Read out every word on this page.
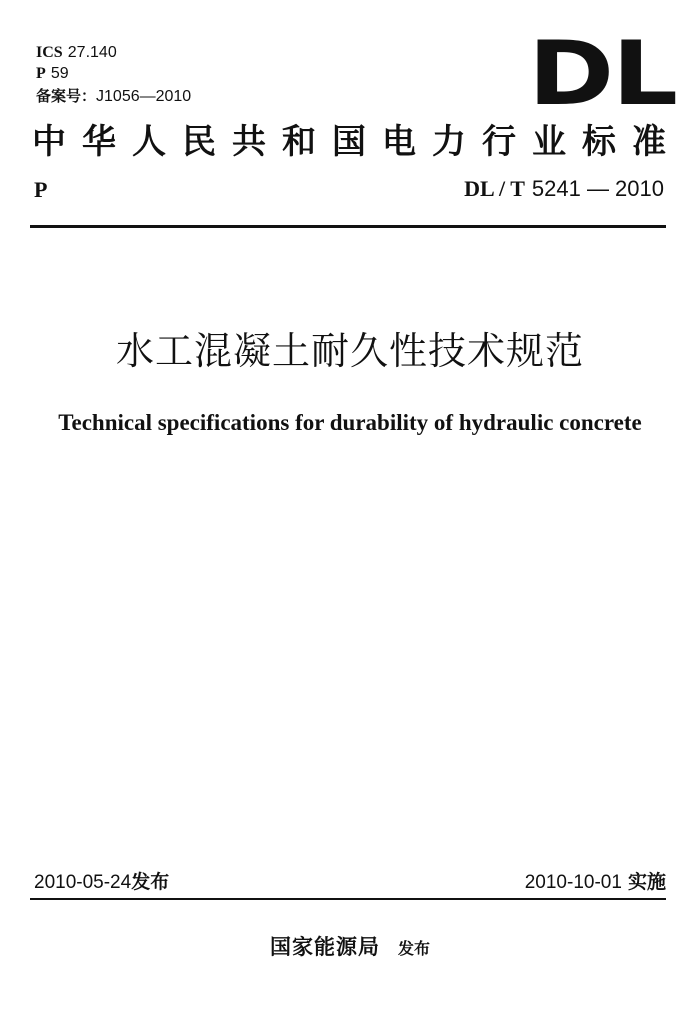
ICS 27.140
P 59
备案号：J1056—2010	DL
中华人民共和国电力行业标准
P	DL / T 5241 — 2010
水工混凝土耐久性技术规范
Technical specifications for durability of hydraulic concrete
2010-05-24发布	2010-10-01 实施
国家能源局 发布
